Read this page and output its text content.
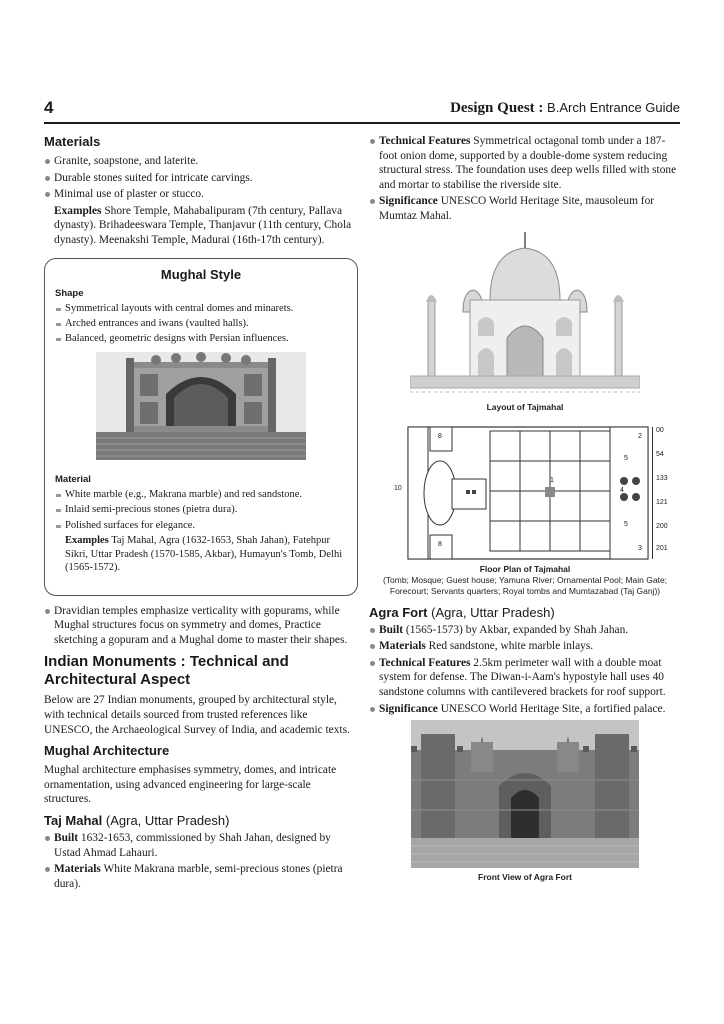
4	Design Quest : B.Arch Entrance Guide
Materials
Granite, soapstone, and laterite.
Durable stones suited for intricate carvings.
Minimal use of plaster or stucco.
Examples Shore Temple, Mahabalipuram (7th century, Pallava dynasty). Brihadeeswara Temple, Thanjavur (11th century, Chola dynasty). Meenakshi Temple, Madurai (16th-17th century).
Mughal Style
Shape
Symmetrical layouts with central domes and minarets.
Arched entrances and iwans (vaulted halls).
Balanced, geometric designs with Persian influences.
Material
White marble (e.g., Makrana marble) and red sandstone.
Inlaid semi-precious stones (pietra dura).
Polished surfaces for elegance.
Examples Taj Mahal, Agra (1632-1653, Shah Jahan), Fatehpur Sikri, Uttar Pradesh (1570-1585, Akbar), Humayun's Tomb, Delhi (1565-1572).
Dravidian temples emphasize verticality with gopurams, while Mughal structures focus on symmetry and domes, Practice sketching a gopuram and a Mughal dome to master their shapes.
Indian Monuments : Technical and Architectural Aspect

Below are 27 Indian monuments, grouped by architectural style, with technical details sourced from trusted references like UNESCO, the Archaeological Survey of India, and academic texts.

Mughal Architecture

Mughal architecture emphasises symmetry, domes, and intricate ornamentation, using advanced engineering for large-scale structures.

Taj Mahal (Agra, Uttar Pradesh)
Built 1632-1653, commissioned by Shah Jahan, designed by Ustad Ahmad Lahauri.
Materials White Makrana marble, semi-precious stones (pietra dura).
Technical Features Symmetrical octagonal tomb under a 187-foot onion dome, supported by a double-dome system reducing structural stress. The foundation uses deep wells filled with stone and mortar to stabilise the riverside site.
Significance UNESCO World Heritage Site, mausoleum for Mumtaz Mahal.
Layout of Tajmahal
8
5
2
10	4
1
5
8
3
00
54
133
121
200
201
Floor Plan of Tajmahal
(Tomb; Mosque; Guest house; Yamuna River; Ornamental Pool; Main Gate; Forecourt; Servants quarters; Royal tombs and Mumtazabad (Taj Ganj))
Agra Fort (Agra, Uttar Pradesh)
Built (1565-1573) by Akbar, expanded by Shah Jahan.
Materials Red sandstone, white marble inlays.
Technical Features 2.5km perimeter wall with a double moat system for defense. The Diwan-i-Aam's hypostyle hall uses 40 sandstone columns with cantilevered brackets for roof support.
Significance UNESCO World Heritage Site, a fortified palace.
Front View of Agra Fort
